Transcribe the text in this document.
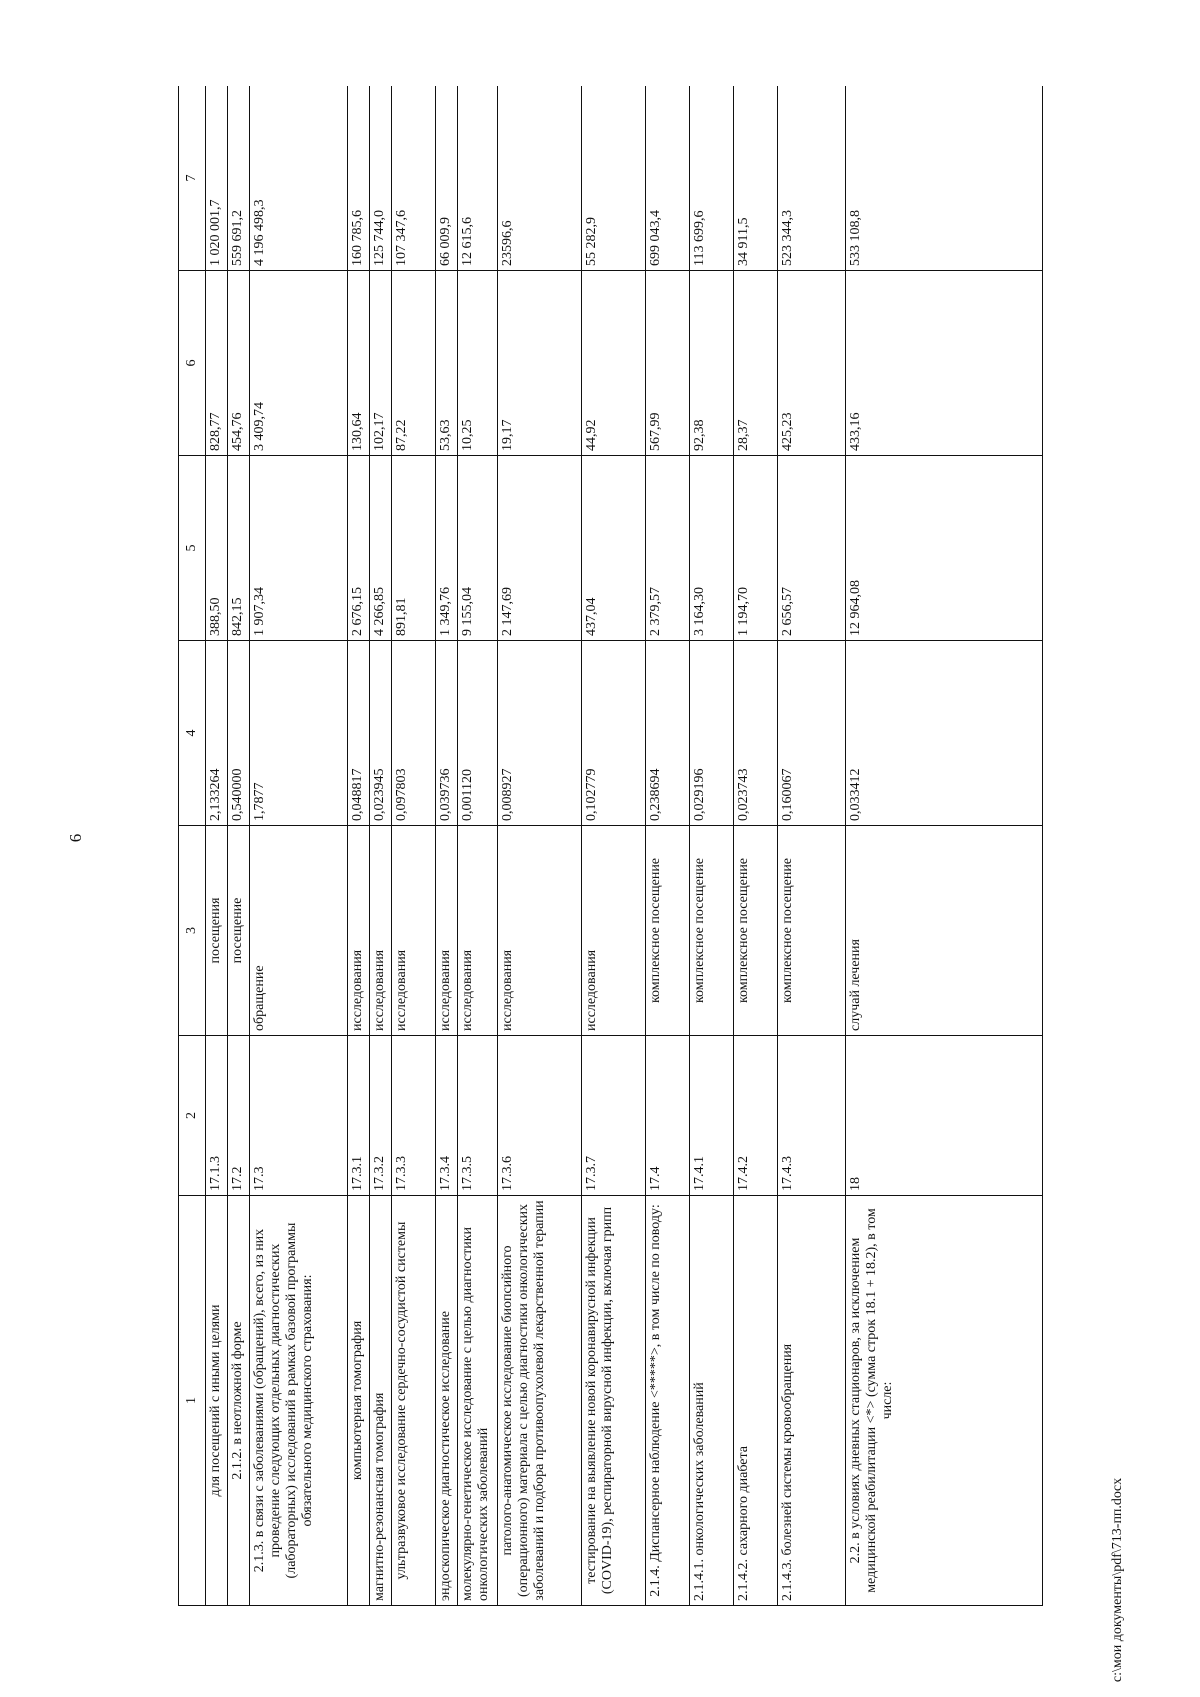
6
1	2	3	4	5	6	7
для посещений с иными целями	17.1.3	посещения	2,133264	388,50	828,77	1 020 001,7
2.1.2. в неотложной форме	17.2	посещение	0,540000	842,15	454,76	559 691,2
2.1.3. в связи с заболеваниями (обращений), всего, из них проведение следующих отдельных диагностических (лабораторных) исследований в рамках базовой программы обязательного медицинского страхования:	17.3	обращение	1,7877	1 907,34	3 409,74	4 196 498,3
компьютерная томография	17.3.1	исследования	0,048817	2 676,15	130,64	160 785,6
магнитно-резонансная томография	17.3.2	исследования	0,023945	4 266,85	102,17	125 744,0
ультразвуковое исследование сердечно-сосудистой системы	17.3.3	исследования	0,097803	891,81	87,22	107 347,6
эндоскопическое диагностическое исследование	17.3.4	исследования	0,039736	1 349,76	53,63	66 009,9
молекулярно-генетическое исследование с целью диагностики онкологических заболеваний	17.3.5	исследования	0,001120	9 155,04	10,25	12 615,6
патолого-анатомическое исследование биопсийного (операционного) материала с целью диагностики онкологических заболеваний и подбора противоопухолевой лекарственной терапии	17.3.6	исследования	0,008927	2 147,69	19,17	23596,6
тестирование на выявление новой коронавирусной инфекции (COVID-19), респираторной вирусной инфекции, включая грипп	17.3.7	исследования	0,102779	437,04	44,92	55 282,9
2.1.4. Диспансерное наблюдение <*****>, в том числе по поводу:	17.4	комплексное посещение	0,238694	2 379,57	567,99	699 043,4
2.1.4.1. онкологических заболеваний	17.4.1	комплексное посещение	0,029196	3 164,30	92,38	113 699,6
2.1.4.2. сахарного диабета	17.4.2	комплексное посещение	0,023743	1 194,70	28,37	34 911,5
2.1.4.3. болезней системы кровообращения	17.4.3	комплексное посещение	0,160067	2 656,57	425,23	523 344,3
2.2. в условиях дневных стационаров, за исключением медицинской реабилитации <*> (сумма строк 18.1 + 18.2), в том числе:	18	случай лечения	0,033412	12 964,08	433,16	533 108,8
c:\мои документы\pdf\713-пп.docx
